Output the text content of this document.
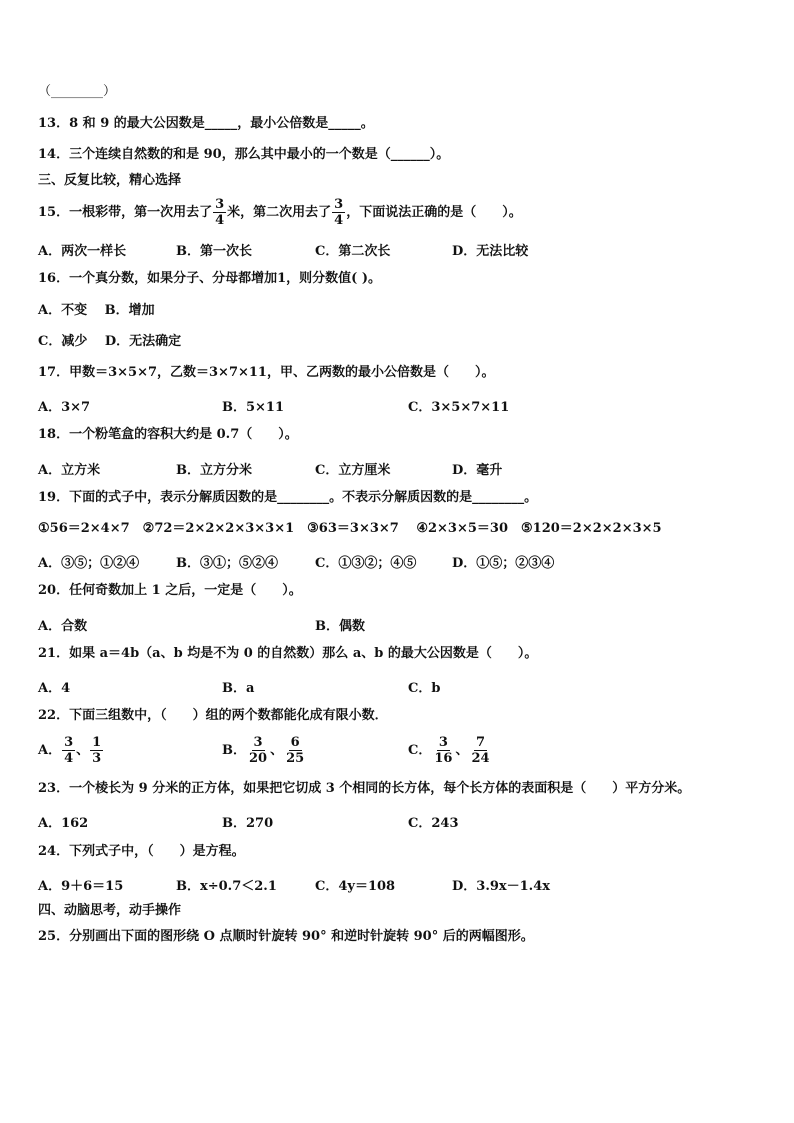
（________）
13．8 和 9 的最大公因数是_____，最小公倍数是_____。
14．三个连续自然数的和是 90，那么其中最小的一个数是（______）。
三、反复比较，精心选择
15．一根彩带，第一次用去了 $\frac{3}{4}$ 米，第二次用去了 $\frac{3}{4}$ ，下面说法正确的是（　　）。
A．两次一样长	B．第一次长	C．第二次长	D．无法比较
16．一个真分数，如果分子、分母都增加1，则分数值( )。
A．不变　 B．增加
C．减少　 D．无法确定
17．甲数＝3×5×7，乙数＝3×7×11，甲、乙两数的最小公倍数是（　　）。
A．3×7	B．5×11	C．3×5×7×11
18．一个粉笔盒的容积大约是 0.7（　　）。
A．立方米	B．立方分米	C．立方厘米	D．毫升
19．下面的式子中，表示分解质因数的是________。不表示分解质因数的是________。
①56＝2×4×7　②72＝2×2×2×3×3×1　③63＝3×3×7　 ④2×3×5＝30　⑤120＝2×2×2×3×5
A．③⑤；①②④	B．③①；⑤②④	C．①③②；④⑤	D．①⑤；②③④
20．任何奇数加上 1 之后，一定是（　　）。
A．合数	B．偶数
21．如果 a＝4b（a、b 均是不为 0 的自然数）那么 a、b 的最大公因数是（　　）。
A．4	B．a	C．b
22．下面三组数中，（　　）组的两个数都能化成有限小数．
A． $\frac{3}{4}$ 、 $\frac{1}{3}$	B． $\frac{3}{20}$ 、 $\frac{6}{25}$	C． $\frac{3}{16}$ 、 $\frac{7}{24}$
23．一个棱长为 9 分米的正方体，如果把它切成 3 个相同的长方体，每个长方体的表面积是（　　）平方分米。
A．162	B．270	C．243
24．下列式子中，（　　）是方程。
A．9＋6＝15	B．x÷0.7＜2.1	C．4y＝108	D．3.9x－1.4x
四、动脑思考，动手操作
25．分别画出下面的图形绕 O 点顺时针旋转 90° 和逆时针旋转 90° 后的两幅图形。
